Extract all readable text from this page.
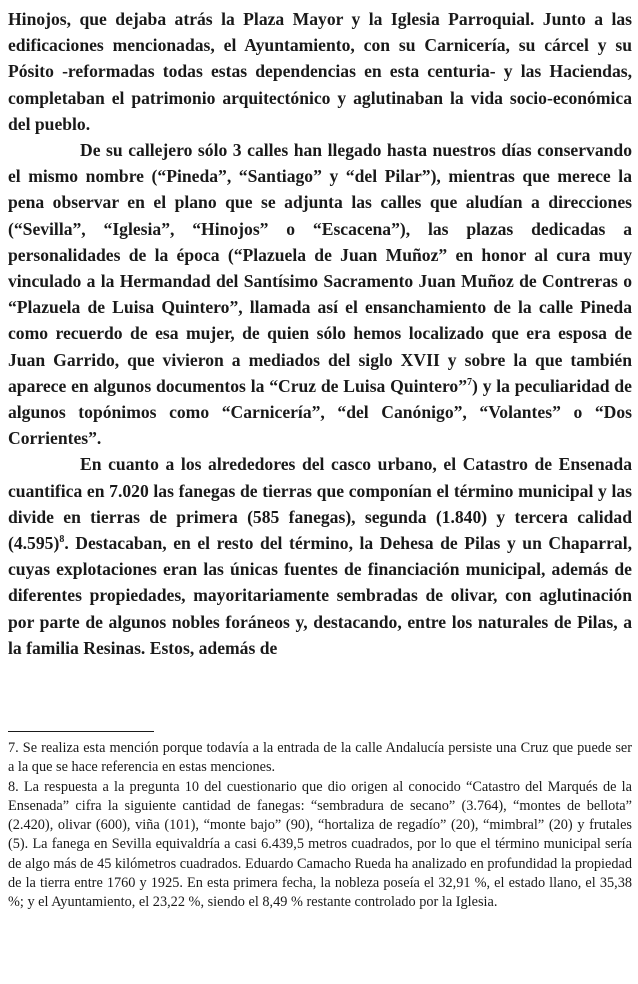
Hinojos, que dejaba atrás la Plaza Mayor y la Iglesia Parroquial. Junto a las edificaciones mencionadas, el Ayuntamiento, con su Carnicería, su cárcel y su Pósito -reformadas todas estas dependencias en esta centuria- y las Haciendas, completaban el patrimonio arquitectónico y aglutinaban la vida socio-económica del pueblo.

De su callejero sólo 3 calles han llegado hasta nuestros días conservando el mismo nombre (“Pineda”, “Santiago” y “del Pilar”), mientras que merece la pena observar en el plano que se adjunta las calles que aludían a direcciones (“Sevilla”, “Iglesia”, “Hinojos” o “Escacena”), las plazas dedicadas a personalidades de la época (“Plazuela de Juan Muñoz” en honor al cura muy vinculado a la Hermandad del Santísimo Sacramento Juan Muñoz de Contreras o “Plazuela de Luisa Quintero”, llamada así el ensanchamiento de la calle Pineda como recuerdo de esa mujer, de quien sólo hemos localizado que era esposa de Juan Garrido, que vivieron a mediados del siglo XVII y sobre la que también aparece en algunos documentos la “Cruz de Luisa Quintero”$^7$) y la peculiaridad de algunos topónimos como “Carnicería”, “del Canónigo”, “Volantes” o “Dos Corrientes”.

En cuanto a los alrededores del casco urbano, el Catastro de Ensenada cuantifica en 7.020 las fanegas de tierras que componían el término municipal y las divide en tierras de primera (585 fanegas), segunda (1.840) y tercera calidad $(4.595)^8$. Destacaban, en el resto del término, la Dehesa de Pilas y un Chaparral, cuyas explotaciones eran las únicas fuentes de financiación municipal, además de diferentes propiedades, mayoritariamente sembradas de olivar, con aglutinación por parte de algunos nobles foráneos y, destacando, entre los naturales de Pilas, a la familia Resinas. Estos, además de

7. Se realiza esta mención porque todavía a la entrada de la calle Andalucía persiste una Cruz que puede ser a la que se hace referencia en estas menciones.

8. La respuesta a la pregunta 10 del cuestionario que dio origen al conocido “Catastro del Marqués de la Ensenada” cifra la siguiente cantidad de fanegas: “sembradura de secano” (3.764), “montes de bellota” (2.420), olivar (600), viña (101), “monte bajo” (90), “hortaliza de regadío” (20), “mimbral” (20) y frutales (5). La fanega en Sevilla equivaldría a casi 6.439,5 metros cuadrados, por lo que el término municipal sería de algo más de 45 kilómetros cuadrados. Eduardo Camacho Rueda ha analizado en profundidad la propiedad de la tierra entre 1760 y 1925. En esta primera fecha, la nobleza poseía el 32,91 %, el estado llano, el 35,38 %; y el Ayuntamiento, el 23,22 %, siendo el 8,49 % restante controlado por la Iglesia.
